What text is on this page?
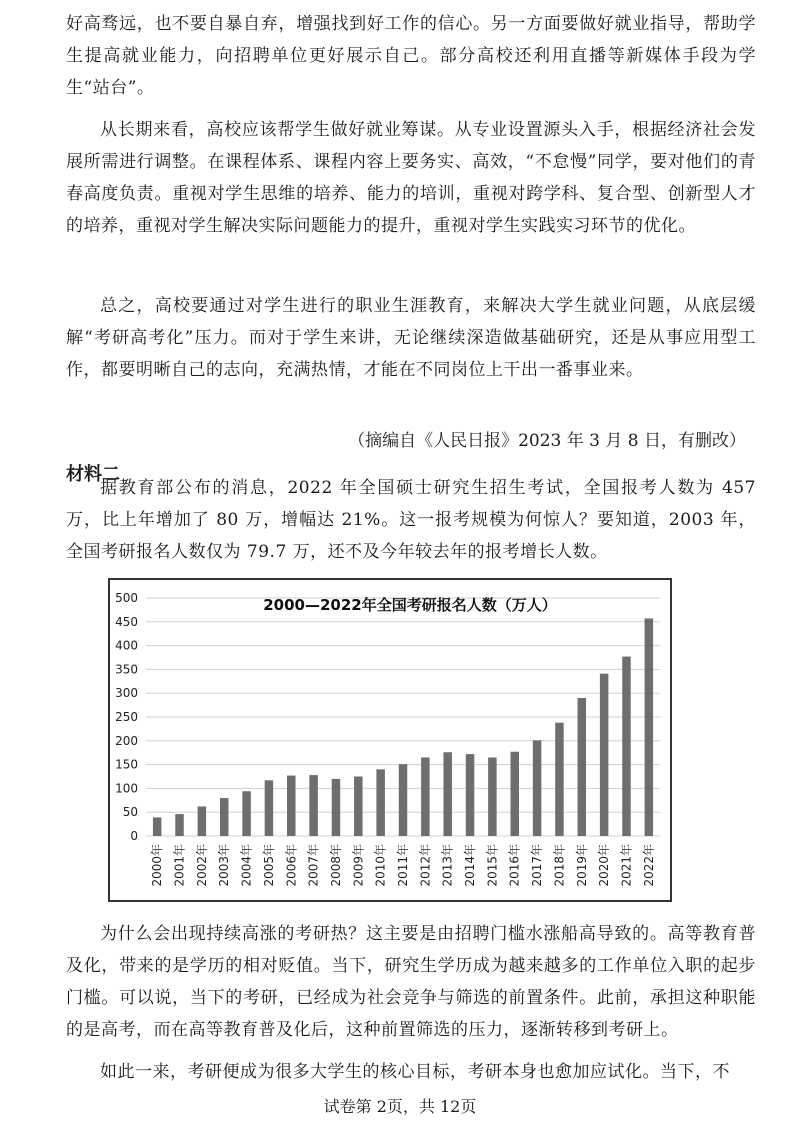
好高骛远，也不要自暴自弃，增强找到好工作的信心。另一方面要做好就业指导，帮助学生提高就业能力，向招聘单位更好展示自己。部分高校还利用直播等新媒体手段为学生“站台”。

从长期来看，高校应该帮学生做好就业筹谋。从专业设置源头入手，根据经济社会发展所需进行调整。在课程体系、课程内容上要务实、高效，“不怠慢”同学，要对他们的青春高度负责。重视对学生思维的培养、能力的培训，重视对跨学科、复合型、创新型人才的培养，重视对学生解决实际问题能力的提升，重视对学生实践实习环节的优化。

总之，高校要通过对学生进行的职业生涯教育，来解决大学生就业问题，从底层缓解“考研高考化”压力。而对于学生来讲，无论继续深造做基础研究，还是从事应用型工作，都要明晰自己的志向，充满热情，才能在不同岗位上干出一番事业来。

（摘编自《人民日报》2023 年 3 月 8 日，有删改）
材料二

据教育部公布的消息，2022 年全国硕士研究生招生考试，全国报考人数为 457 万，比上年增加了 80 万，增幅达 21%。这一报考规模为何惊人？要知道，2003 年，全国考研报名人数仅为 79.7 万，还不及今年较去年的报考增长人数。

0
50
100
150
200
250
300
350
400
450
500
2000年 2001年 2002年 2003年 2004年 2005年 2006年 2007年 2008年 2009年 2010年 2011年 2012年 2013年 2014年 2015年 2016年 2017年 2018年 2019年 2020年 2021年 2022年
2000—2022年全国考研报名人数（万人）

为什么会出现持续高涨的考研热？这主要是由招聘门槛水涨船高导致的。高等教育普及化，带来的是学历的相对贬值。当下，研究生学历成为越来越多的工作单位入职的起步门槛。可以说，当下的考研，已经成为社会竞争与筛选的前置条件。此前，承担这种职能的是高考，而在高等教育普及化后，这种前置筛选的压力，逐渐转移到考研上。

如此一来，考研便成为很多大学生的核心目标，考研本身也愈加应试化。当下，不

试卷第 2页，共 12页
